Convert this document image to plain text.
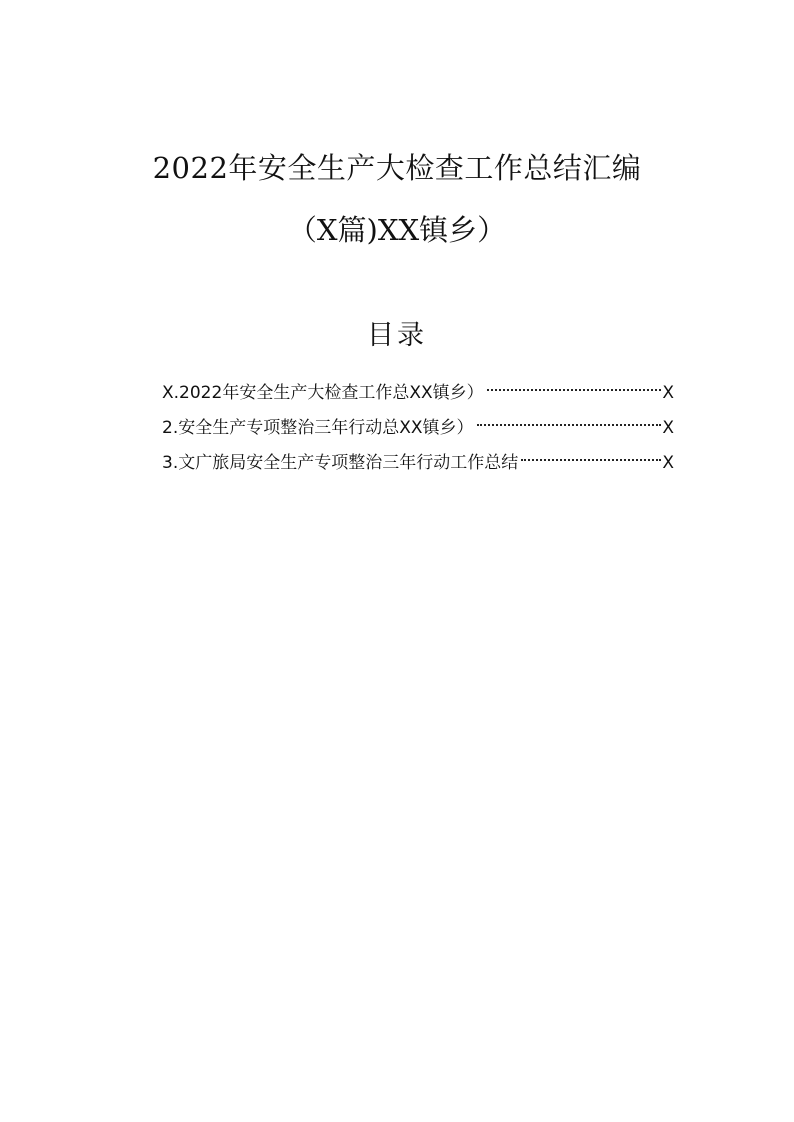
2022年安全生产大检查工作总结汇编
（X篇)XX镇乡）
目录
X.2022年安全生产大检查工作总XX镇乡）	X
2.安全生产专项整治三年行动总XX镇乡）	X
3.文广旅局安全生产专项整治三年行动工作总结	X
